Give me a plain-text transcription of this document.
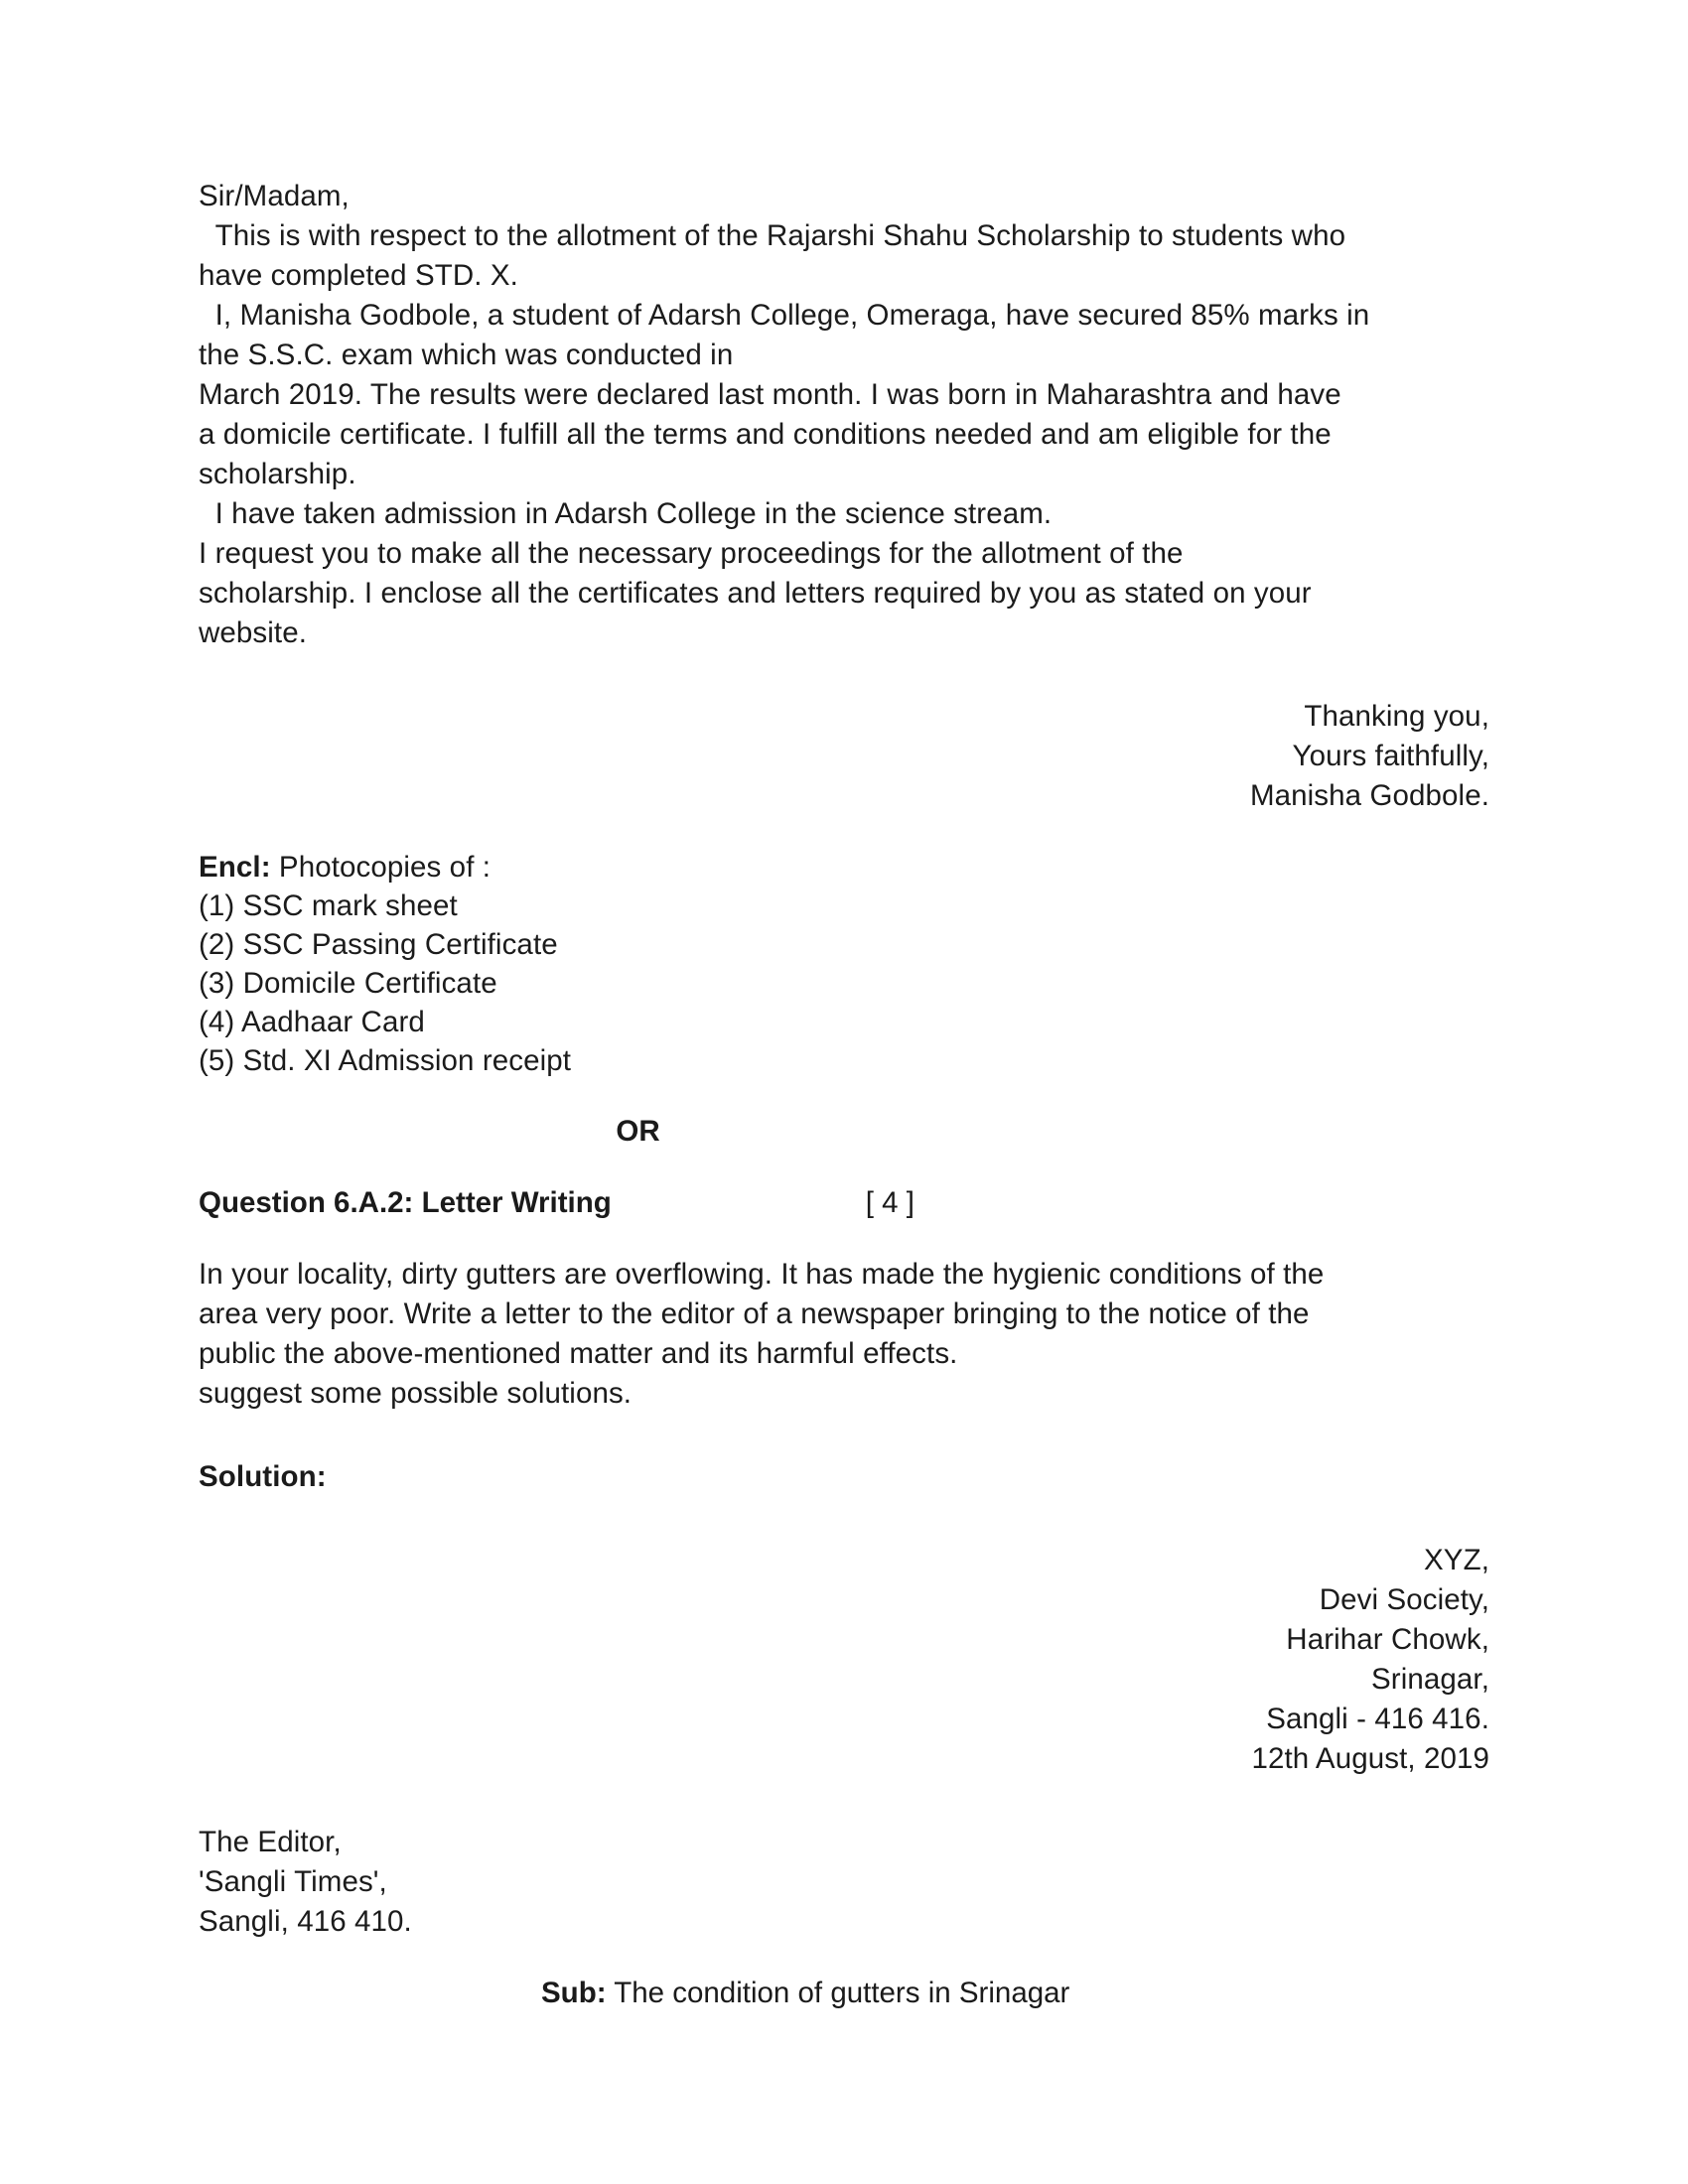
Sir/Madam,
This is with respect to the allotment of the Rajarshi Shahu Scholarship to students who
have completed STD. X.
I, Manisha Godbole, a student of Adarsh College, Omeraga, have secured 85% marks in
the S.S.C. exam which was conducted in
March 2019. The results were declared last month. I was born in Maharashtra and have
a domicile certificate. I fulfill all the terms and conditions needed and am eligible for the
scholarship.
I have taken admission in Adarsh College in the science stream.
I request you to make all the necessary proceedings for the allotment of the
scholarship. I enclose all the certificates and letters required by you as stated on your
website.
Thanking you,
Yours faithfully,
Manisha Godbole.
Encl: Photocopies of :
(1) SSC mark sheet
(2) SSC Passing Certificate
(3) Domicile Certificate
(4) Aadhaar Card
(5) Std. XI Admission receipt
OR
Question 6.A.2: Letter Writing	[ 4 ]
In your locality, dirty gutters are overflowing. It has made the hygienic conditions of the
area very poor. Write a letter to the editor of a newspaper bringing to the notice of the
public the above-mentioned matter and its harmful effects.
suggest some possible solutions.
Solution:
XYZ,
Devi Society,
Harihar Chowk,
Srinagar,
Sangli - 416 416.
12th August, 2019
The Editor,
'Sangli Times',
Sangli, 416 410.
Sub: The condition of gutters in Srinagar
